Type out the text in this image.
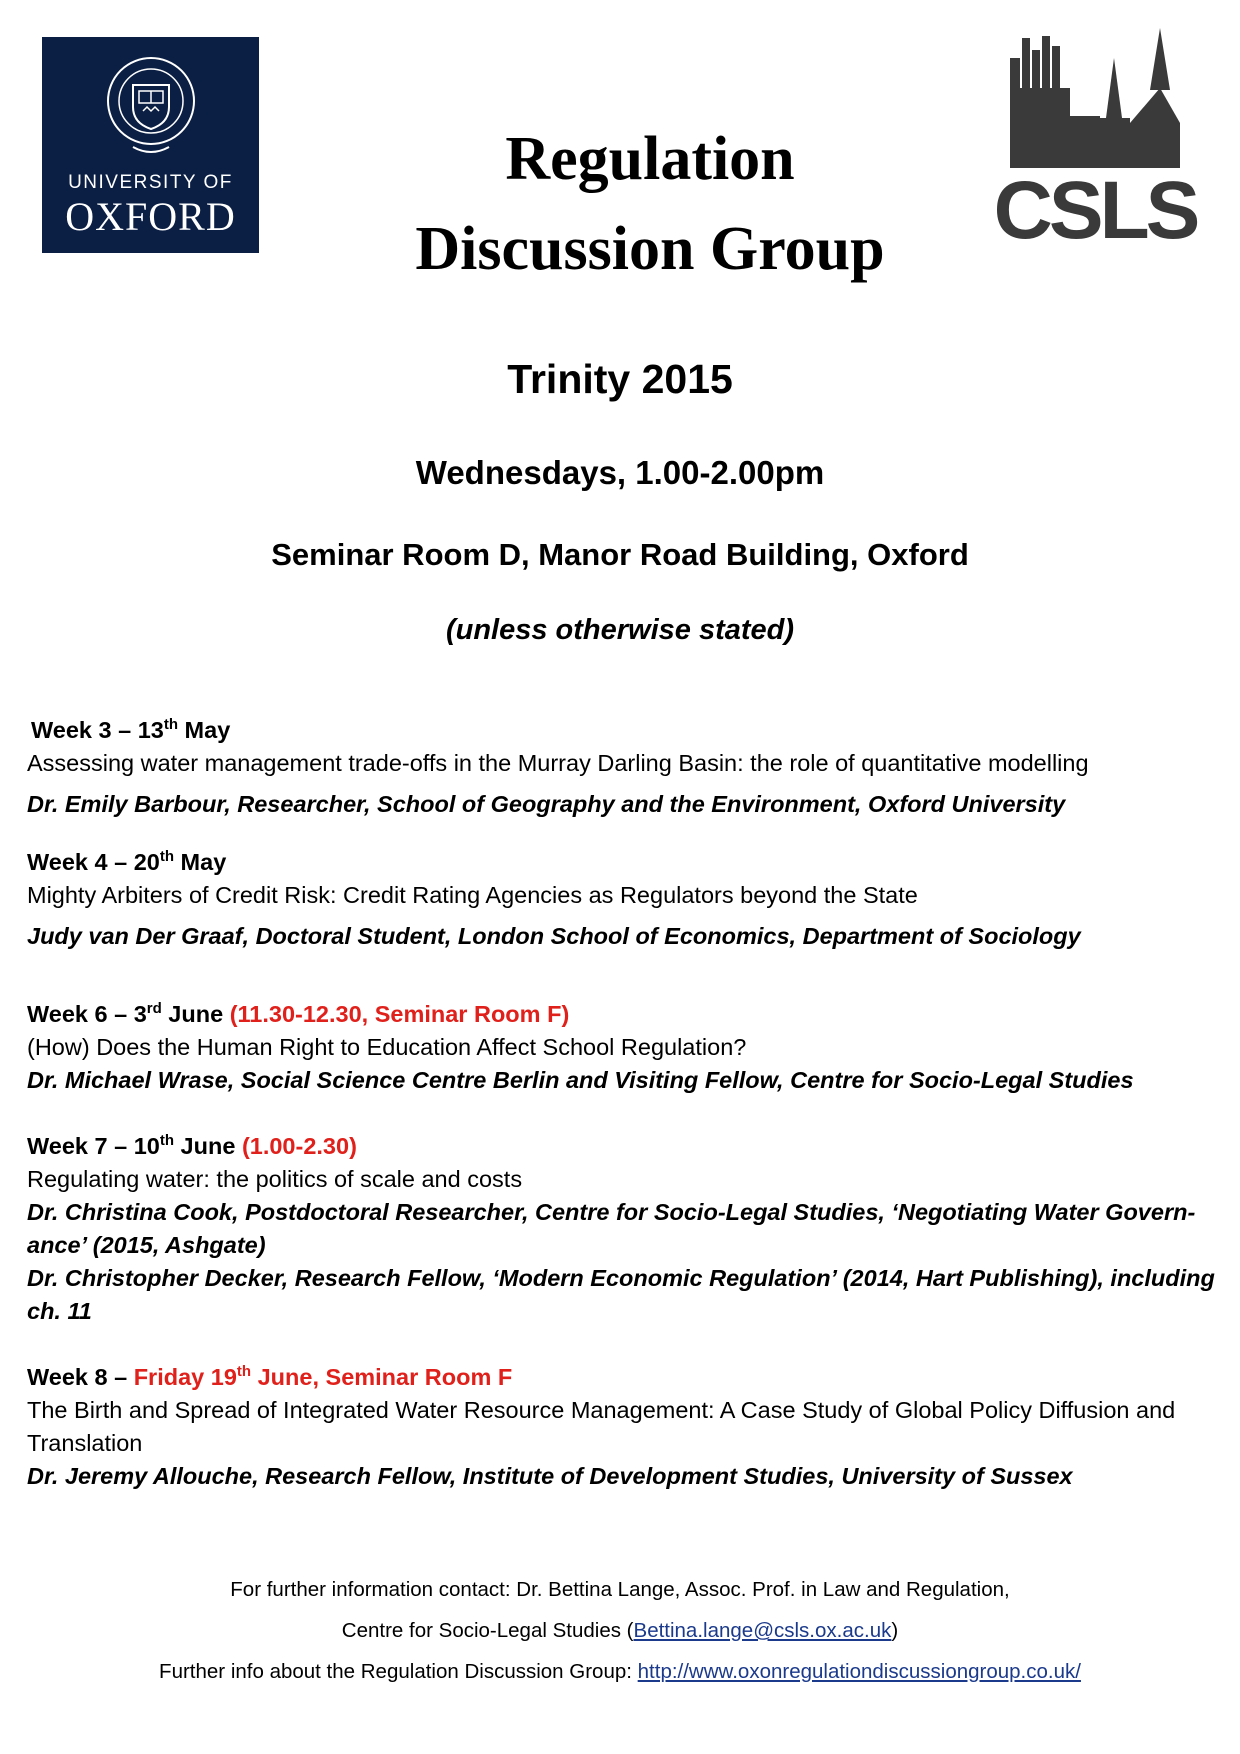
UNIVERSITY OF
OXFORD	CSLS
Regulation
Discussion Group
Trinity 2015
Wednesdays, 1.00-2.00pm
Seminar Room D, Manor Road Building, Oxford
(unless otherwise stated)
Week 3 – 13th May
Assessing water management trade-offs in the Murray Darling Basin: the role of quantitative modelling
Dr. Emily Barbour, Researcher, School of Geography and the Environment, Oxford University
Week 4 – 20th May
Mighty Arbiters of Credit Risk: Credit Rating Agencies as Regulators beyond the State
Judy van Der Graaf, Doctoral Student, London School of Economics, Department of Sociology
Week 6 – 3rd June (11.30-12.30, Seminar Room F)
(How) Does the Human Right to Education Affect School Regulation?
Dr. Michael Wrase, Social Science Centre Berlin and Visiting Fellow, Centre for Socio-Legal Studies
Week 7 – 10th June (1.00-2.30)
Regulating water: the politics of scale and costs
Dr. Christina Cook, Postdoctoral Researcher, Centre for Socio-Legal Studies, ‘Negotiating Water Govern-ance’ (2015, Ashgate)
Dr. Christopher Decker, Research Fellow, ‘Modern Economic Regulation’ (2014, Hart Publishing), including ch. 11
Week 8 – Friday 19th June, Seminar Room F
The Birth and Spread of Integrated Water Resource Management: A Case Study of Global Policy Diffusion and Translation
Dr. Jeremy Allouche, Research Fellow, Institute of Development Studies, University of Sussex
For further information contact: Dr. Bettina Lange, Assoc. Prof. in Law and Regulation,
Centre for Socio-Legal Studies (Bettina.lange@csls.ox.ac.uk)
Further info about the Regulation Discussion Group: http://www.oxonregulationdiscussiongroup.co.uk/
